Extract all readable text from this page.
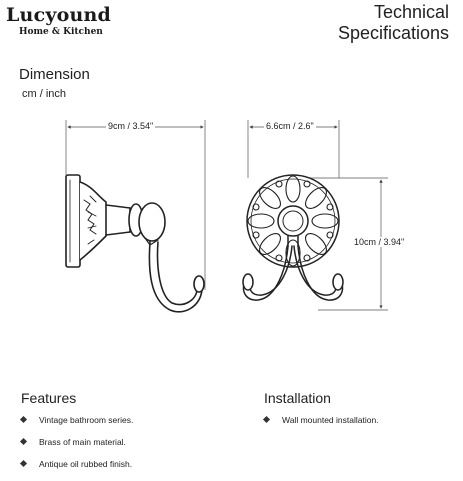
Lucyound
Home & Kitchen
Technical
Specifications
Dimension
cm / inch
9cm / 3.54"	6.6cm / 2.6"
10cm / 3.94"
Features
Vintage bathroom series.
Brass of main material.
Antique oil rubbed finish.
Installation
Wall mounted installation.
